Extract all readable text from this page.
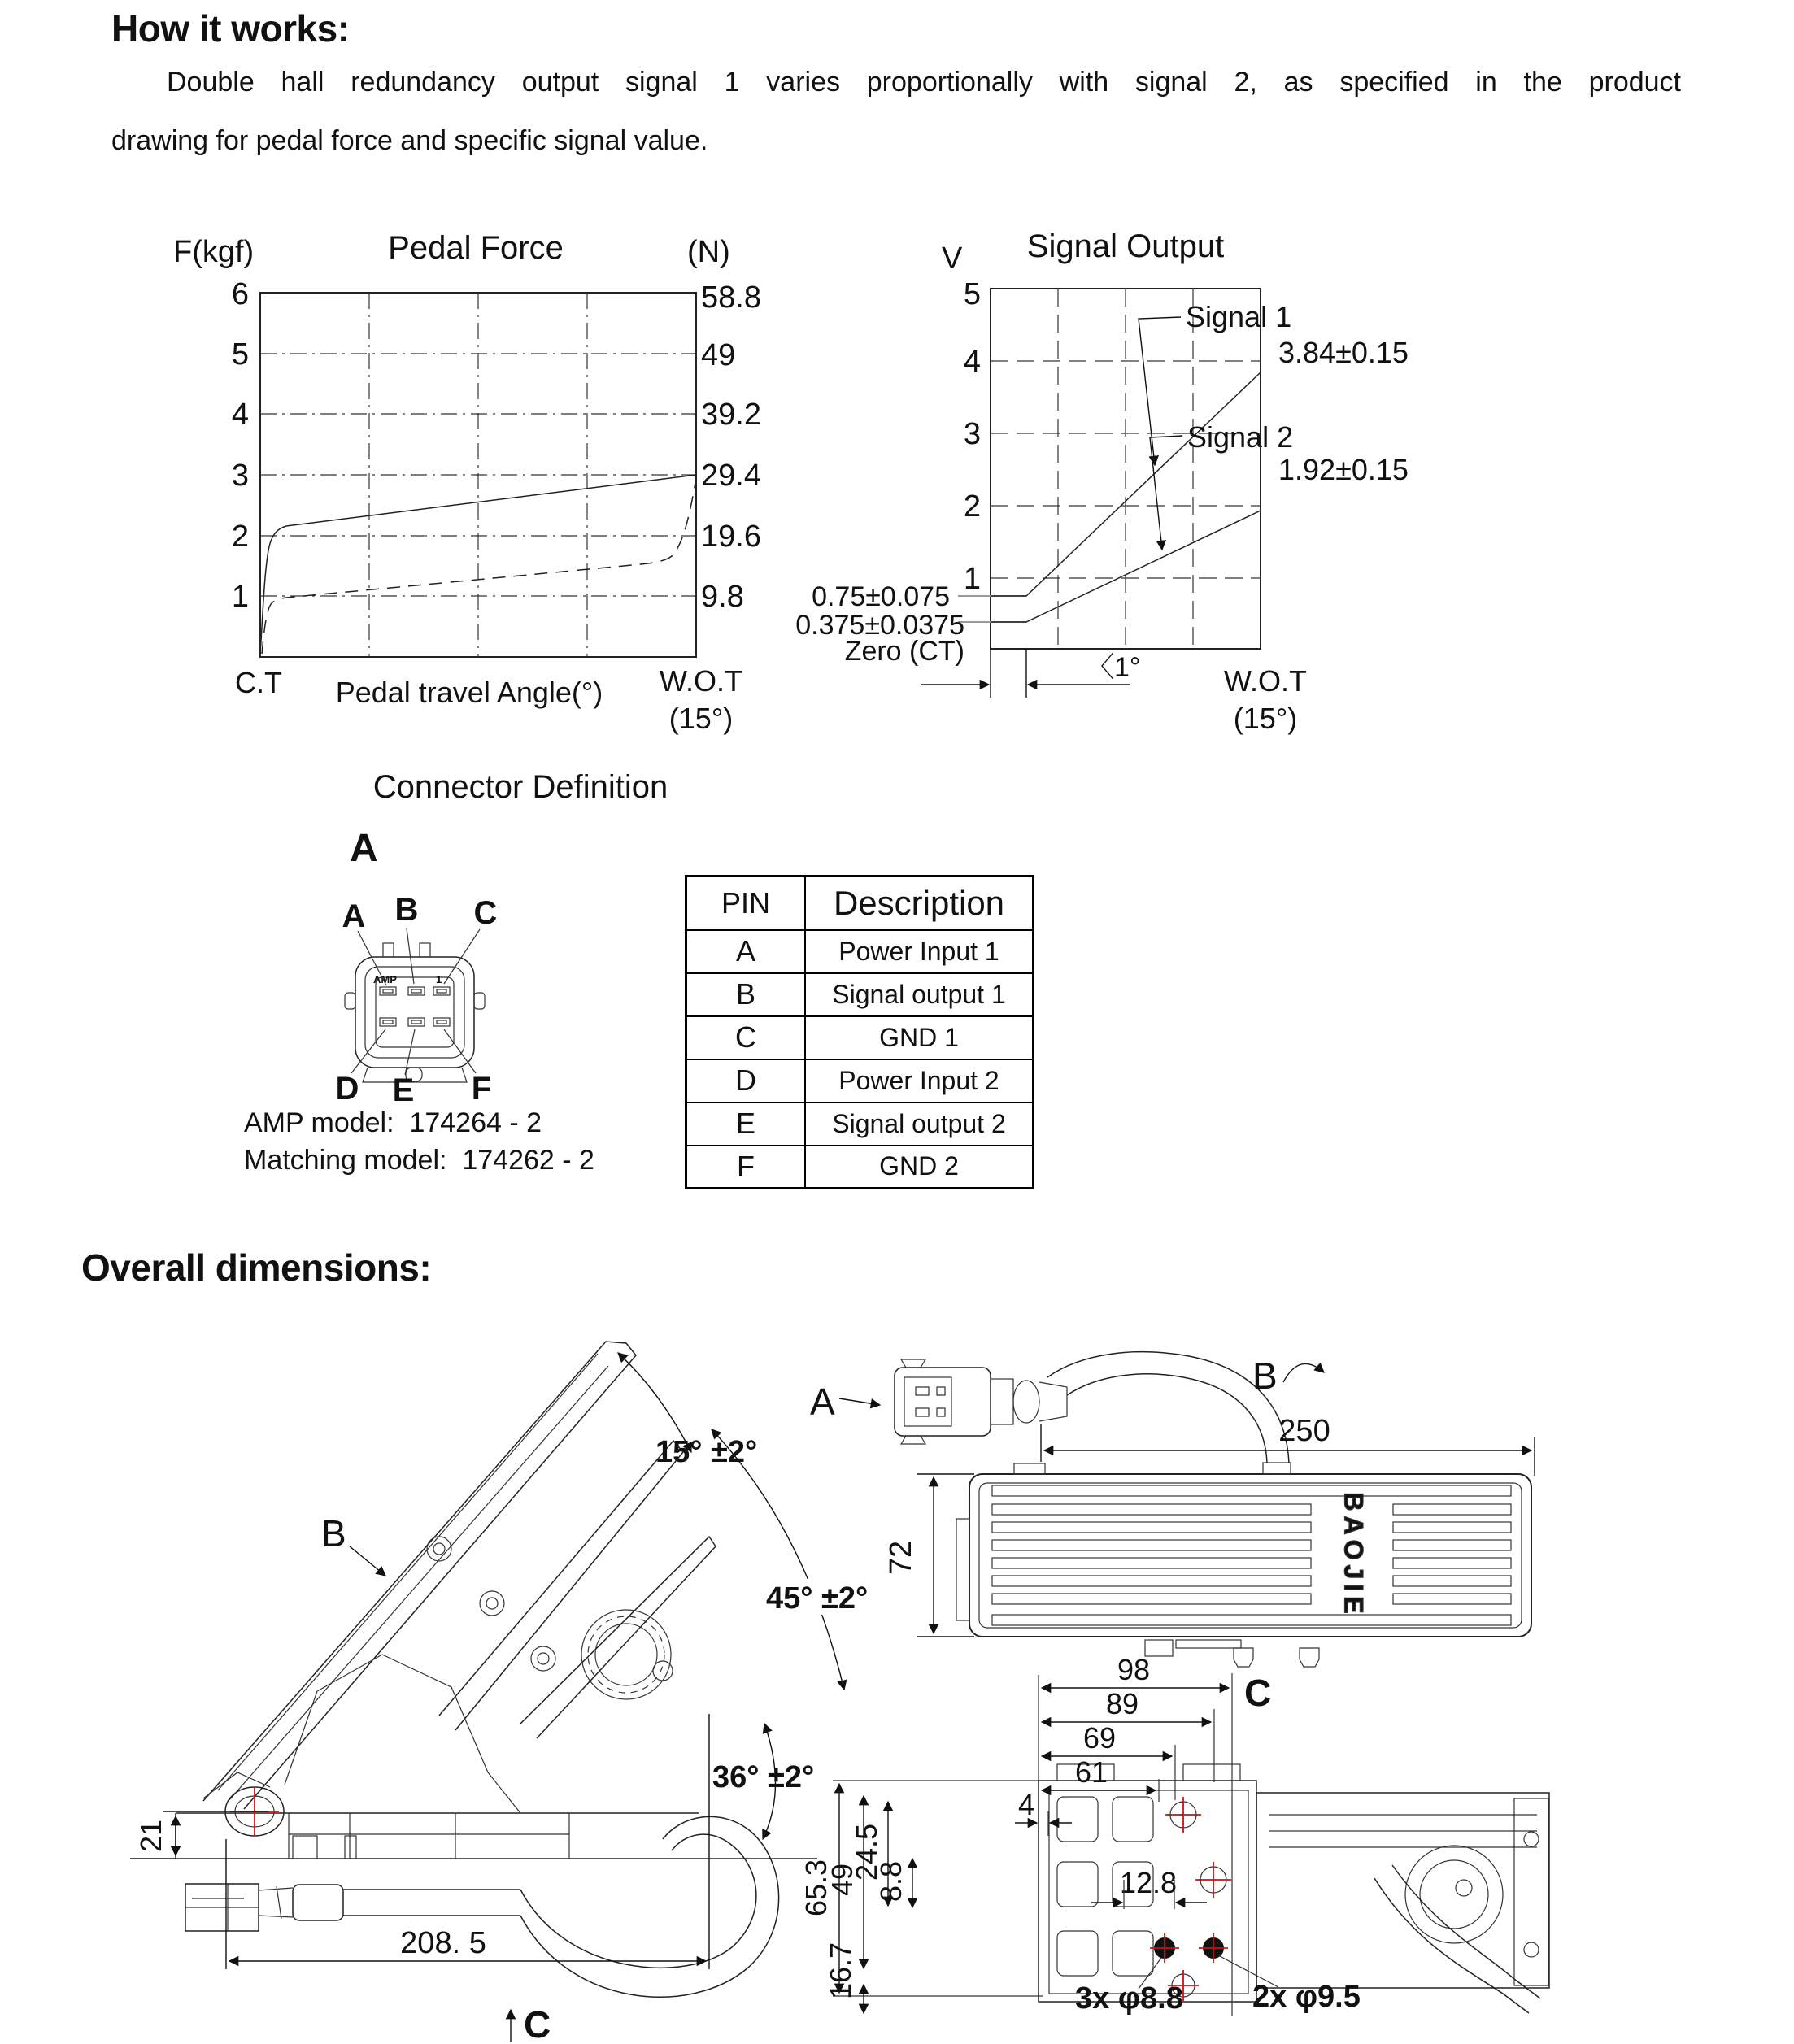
How it works:
Double hall redundancy output signal 1 varies proportionally with signal 2, as specified in the product
drawing for pedal force and specific signal value.
Overall dimensions:
Connector Definition
A
AMP model:  174264 - 2
Matching model:  174262 - 2
PIN	Description
A	Power Input 1
B	Signal output 1
C	GND 1
D	Power Input 2
E	Signal output 2
F	GND 2
F(kgf)	Pedal Force	(N)
6
5
4
3
2
1
58.8
49
39.2
29.4
19.6
9.8
C.T Pedal travel Angle(°) W.O.T
(15°)
V Signal Output
5
4
3
2
1
Signal 1
Signal 2
3.84±0.15
1.92±0.15
0.75±0.075
0.375±0.0375
Zero (CT)
〈1°	W.O.T
(15°)
AMP	1
A B C
D E F
15° ±2°
45° ±2°
36° ±2°
21
208. 5
C
B
A
BAOJIE
B
250
72
C
98
89
69
61
4
65.3
49
24.5
8.8
16.7
12.8
3x φ8.8 2x φ9.5
